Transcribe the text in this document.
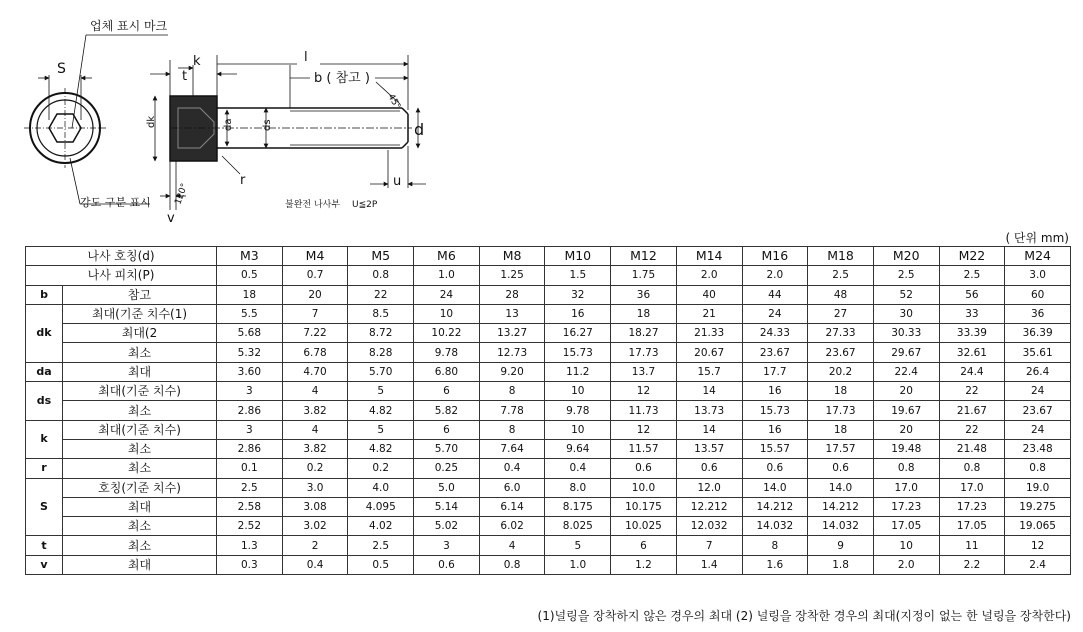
S
업체 표시 마크
강도 구분 표시
k
t
l
b ( 참고 )
dk	da	ds	d
r	u
v
45°
120°	불완전 나사부 U≦2P
( 단위 mm)
나사 호칭(d)		M3	M4	M5	M6	M8	M10	M12	M14	M16	M18	M20	M22	M24
나사 피치(P)		0.5	0.7	0.8	1.0	1.25	1.5	1.75	2.0	2.0	2.5	2.5	2.5	3.0
b	참고	18	20	22	24	28	32	36	40	44	48	52	56	60
dk	최대(기준 치수(1)	5.5	7	8.5	10	13	16	18	21	24	27	30	33	36
	최대(2	5.68	7.22	8.72	10.22	13.27	16.27	18.27	21.33	24.33	27.33	30.33	33.39	36.39
	최소	5.32	6.78	8.28	9.78	12.73	15.73	17.73	20.67	23.67	23.67	29.67	32.61	35.61
da	최대	3.60	4.70	5.70	6.80	9.20	11.2	13.7	15.7	17.7	20.2	22.4	24.4	26.4
ds	최대(기준 치수)	3	4	5	6	8	10	12	14	16	18	20	22	24
	최소	2.86	3.82	4.82	5.82	7.78	9.78	11.73	13.73	15.73	17.73	19.67	21.67	23.67
k	최대(기준 치수)	3	4	5	6	8	10	12	14	16	18	20	22	24
	최소	2.86	3.82	4.82	5.70	7.64	9.64	11.57	13.57	15.57	17.57	19.48	21.48	23.48
r	최소	0.1	0.2	0.2	0.25	0.4	0.4	0.6	0.6	0.6	0.6	0.8	0.8	0.8
S	호칭(기준 치수)	2.5	3.0	4.0	5.0	6.0	8.0	10.0	12.0	14.0	14.0	17.0	17.0	19.0
	최대	2.58	3.08	4.095	5.14	6.14	8.175	10.175	12.212	14.212	14.212	17.23	17.23	19.275
	최소	2.52	3.02	4.02	5.02	6.02	8.025	10.025	12.032	14.032	14.032	17.05	17.05	19.065
t	최소	1.3	2	2.5	3	4	5	6	7	8	9	10	11	12
v	최대	0.3	0.4	0.5	0.6	0.8	1.0	1.2	1.4	1.6	1.8	2.0	2.2	2.4
(1)널링을 장착하지 않은 경우의 최대 (2) 널링을 장착한 경우의 최대(지정이 없는 한 널링을 장착한다)
